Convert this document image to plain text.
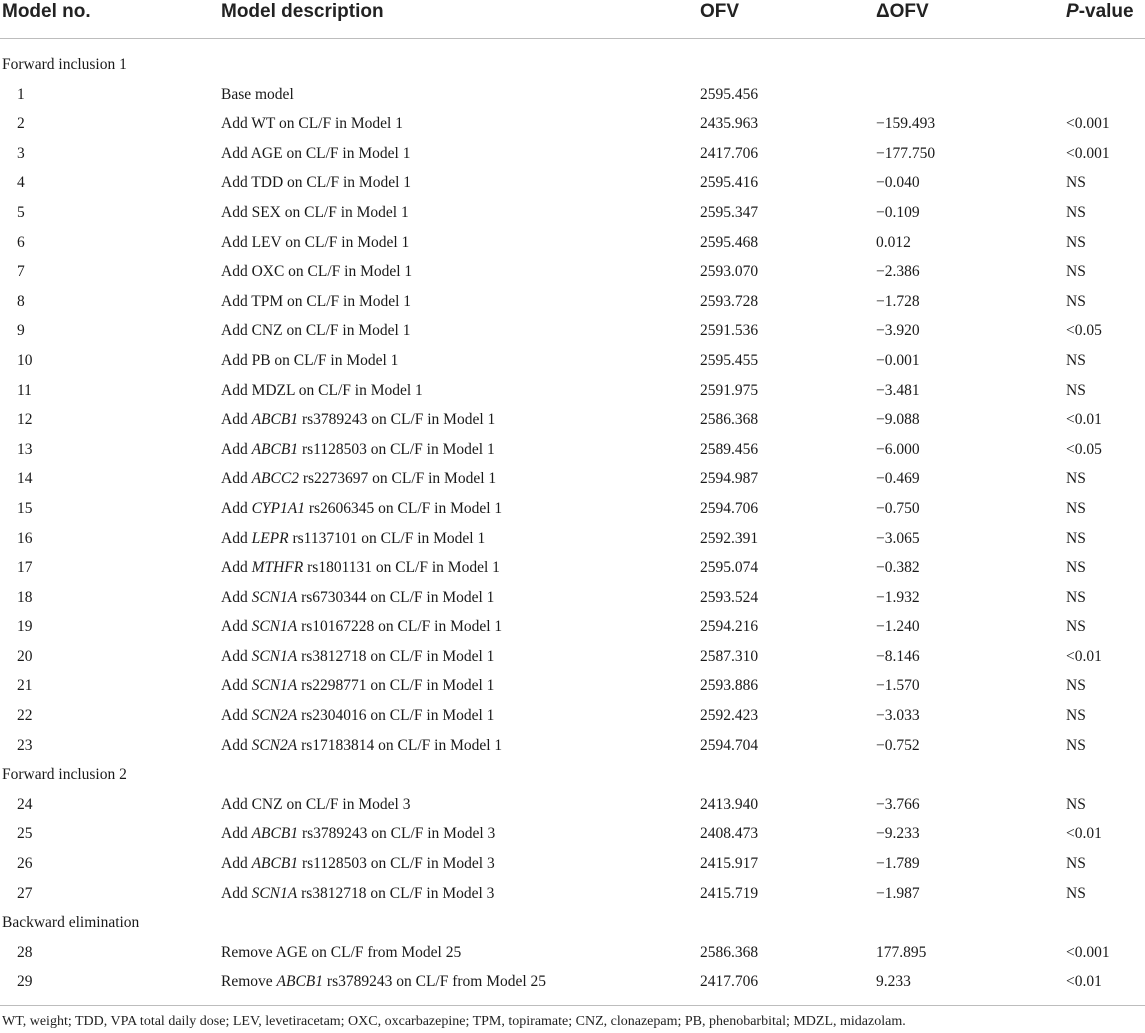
Model no.	Model description	OFV	ΔOFV	P-value
Forward inclusion 1
1	Base model	2595.456
2	Add WT on CL/F in Model 1	2435.963	−159.493	<0.001
3	Add AGE on CL/F in Model 1	2417.706	−177.750	<0.001
4	Add TDD on CL/F in Model 1	2595.416	−0.040	NS
5	Add SEX on CL/F in Model 1	2595.347	−0.109	NS
6	Add LEV on CL/F in Model 1	2595.468	0.012	NS
7	Add OXC on CL/F in Model 1	2593.070	−2.386	NS
8	Add TPM on CL/F in Model 1	2593.728	−1.728	NS
9	Add CNZ on CL/F in Model 1	2591.536	−3.920	<0.05
10	Add PB on CL/F in Model 1	2595.455	−0.001	NS
11	Add MDZL on CL/F in Model 1	2591.975	−3.481	NS
12	Add ABCB1 rs3789243 on CL/F in Model 1	2586.368	−9.088	<0.01
13	Add ABCB1 rs1128503 on CL/F in Model 1	2589.456	−6.000	<0.05
14	Add ABCC2 rs2273697 on CL/F in Model 1	2594.987	−0.469	NS
15	Add CYP1A1 rs2606345 on CL/F in Model 1	2594.706	−0.750	NS
16	Add LEPR rs1137101 on CL/F in Model 1	2592.391	−3.065	NS
17	Add MTHFR rs1801131 on CL/F in Model 1	2595.074	−0.382	NS
18	Add SCN1A rs6730344 on CL/F in Model 1	2593.524	−1.932	NS
19	Add SCN1A rs10167228 on CL/F in Model 1	2594.216	−1.240	NS
20	Add SCN1A rs3812718 on CL/F in Model 1	2587.310	−8.146	<0.01
21	Add SCN1A rs2298771 on CL/F in Model 1	2593.886	−1.570	NS
22	Add SCN2A rs2304016 on CL/F in Model 1	2592.423	−3.033	NS
23	Add SCN2A rs17183814 on CL/F in Model 1	2594.704	−0.752	NS
Forward inclusion 2
24	Add CNZ on CL/F in Model 3	2413.940	−3.766	NS
25	Add ABCB1 rs3789243 on CL/F in Model 3	2408.473	−9.233	<0.01
26	Add ABCB1 rs1128503 on CL/F in Model 3	2415.917	−1.789	NS
27	Add SCN1A rs3812718 on CL/F in Model 3	2415.719	−1.987	NS
Backward elimination
28	Remove AGE on CL/F from Model 25	2586.368	177.895	<0.001
29	Remove ABCB1 rs3789243 on CL/F from Model 25	2417.706	9.233	<0.01
WT, weight; TDD, VPA total daily dose; LEV, levetiracetam; OXC, oxcarbazepine; TPM, topiramate; CNZ, clonazepam; PB, phenobarbital; MDZL, midazolam.
